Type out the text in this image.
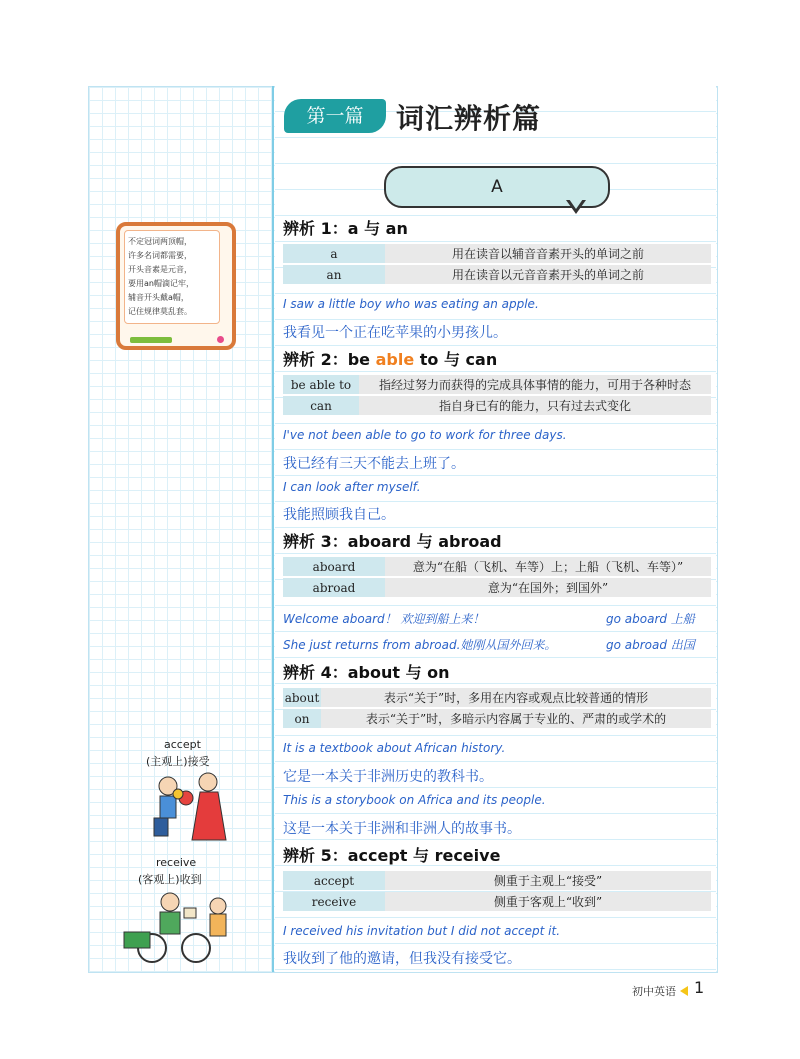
第一篇	词汇辨析篇
A
不定冠词两顶帽，
许多名词都需要，
开头音素是元音，
要用an帽滴记牢，
辅音开头戴a帽，
记住规律莫乱套。
accept
(主观上)接受
receive
(客观上)收到
辨析 1：a 与 an
a	用在读音以辅音音素开头的单词之前
an	用在读音以元音音素开头的单词之前
I saw a little boy who was eating an apple.
我看见一个正在吃苹果的小男孩儿。
辨析 2：be able to 与 can
be able to	指经过努力而获得的完成具体事情的能力，可用于各种时态
can	指自身已有的能力，只有过去式变化
I've not been able to go to work for three days.
我已经有三天不能去上班了。
I can look after myself.
我能照顾我自己。
辨析 3：aboard 与 abroad
aboard	意为“在船（飞机、车等）上；上船（飞机、车等）”
abroad	意为“在国外；到国外”
Welcome aboard！ 欢迎到船上来！	go aboard 上船
She just returns from abroad.她刚从国外回来。	go abroad 出国
辨析 4：about 与 on
about	表示“关于”时，多用在内容或观点比较普通的情形
on	表示“关于”时，多暗示内容属于专业的、严肃的或学术的
It is a textbook about African history.
它是一本关于非洲历史的教科书。
This is a storybook on Africa and its people.
这是一本关于非洲和非洲人的故事书。
辨析 5：accept 与 receive
accept	侧重于主观上“接受”
receive	侧重于客观上“收到”
I received his invitation but I did not accept it.
我收到了他的邀请，但我没有接受它。
初中英语 1
